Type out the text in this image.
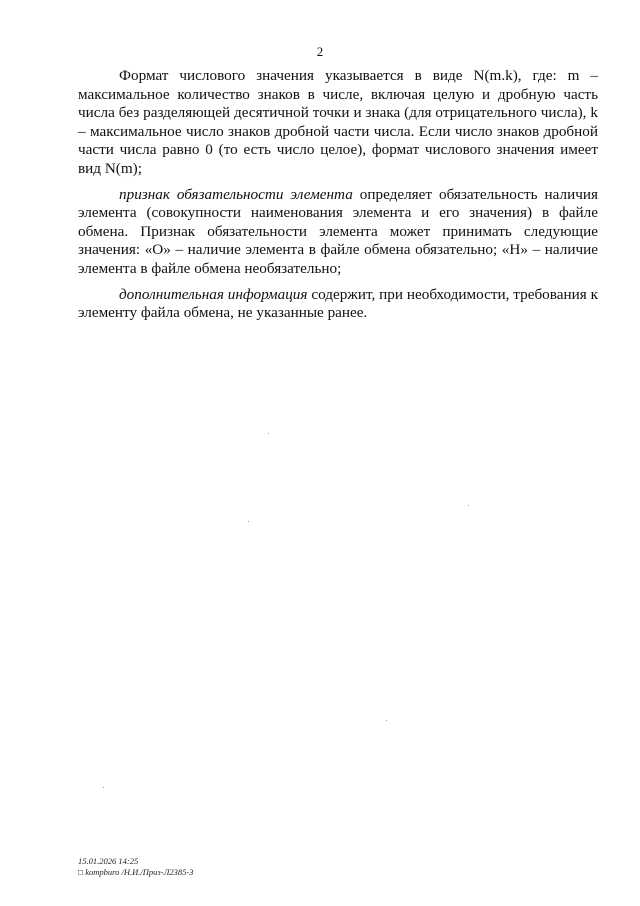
2

Формат числового значения указывается в виде N(m.k), где: m – максимальное количество знаков в числе, включая целую и дробную часть числа без разделяющей десятичной точки и знака (для отрицательного числа), k – максимальное число знаков дробной части числа. Если число знаков дробной части числа равно 0 (то есть число целое), формат числового значения имеет вид N(m);

признак обязательности элемента определяет обязательность наличия элемента (совокупности наименования элемента и его значения) в файле обмена. Признак обязательности элемента может принимать следующие значения: «О» – наличие элемента в файле обмена обязательно; «Н» – наличие элемента в файле обмена необязательно;

дополнительная информация содержит, при необходимости, требования к элементу файла обмена, не указанные ранее.

15.01.2026 14:25
□ kompburo /Н.И./Приз-Л2385-3
